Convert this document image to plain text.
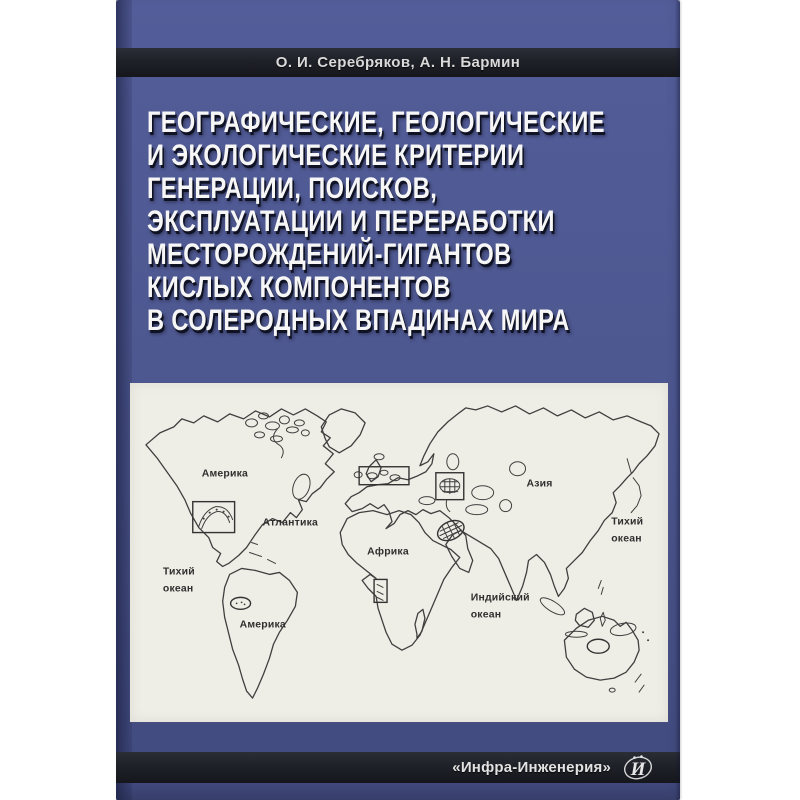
О. И. Серебряков, А. Н. Бармин
ГЕОГРАФИЧЕСКИЕ, ГЕОЛОГИЧЕСКИЕ
И ЭКОЛОГИЧЕСКИЕ КРИТЕРИИ
ГЕНЕРАЦИИ, ПОИСКОВ,
ЭКСПЛУАТАЦИИ И ПЕРЕРАБОТКИ
МЕСТОРОЖДЕНИЙ-ГИГАНТОВ
КИСЛЫХ КОМПОНЕНТОВ
В СОЛЕРОДНЫХ ВПАДИНАХ МИРА
Америка
Атлантика
Африка
Азия
Тихий
океан
Тихий
океан
Америка
Индийский
океан
«Инфра-Инженерия» И
